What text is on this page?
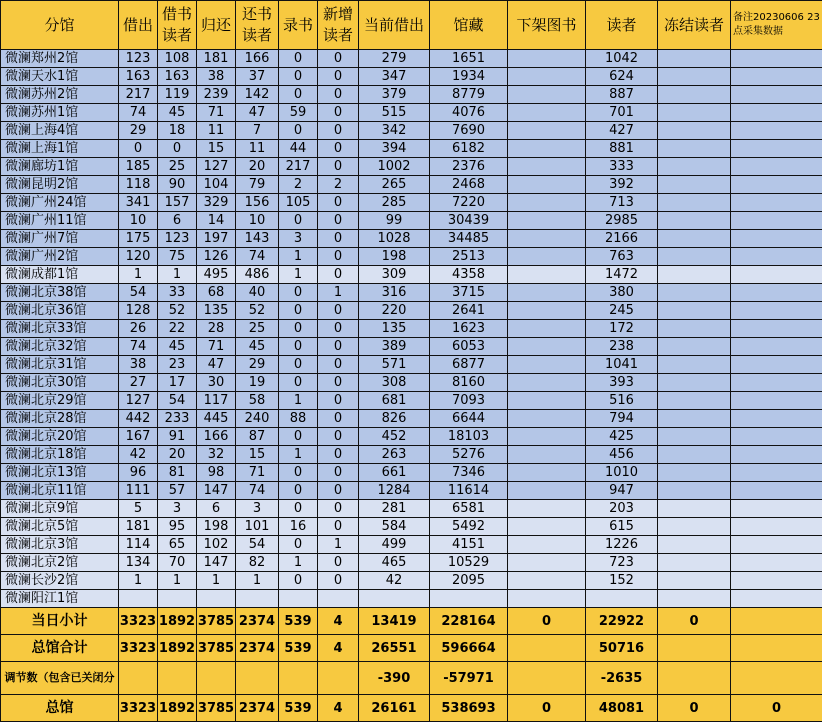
分馆	借出	借书读者	归还	还书读者	录书	新增读者	当前借出	馆藏	下架图书	读者	冻结读者	备注20230606 23点采集数据
微澜郑州2馆	123	108	181	166	0	0	279	1651		1042		
微澜天水1馆	163	163	38	37	0	0	347	1934		624		
微澜苏州2馆	217	119	239	142	0	0	379	8779		887		
微澜苏州1馆	74	45	71	47	59	0	515	4076		701		
微澜上海4馆	29	18	11	7	0	0	342	7690		427		
微澜上海1馆	0	0	15	11	44	0	394	6182		881		
微澜廊坊1馆	185	25	127	20	217	0	1002	2376		333		
微澜昆明2馆	118	90	104	79	2	2	265	2468		392		
微澜广州24馆	341	157	329	156	105	0	285	7220		713		
微澜广州11馆	10	6	14	10	0	0	99	30439		2985		
微澜广州7馆	175	123	197	143	3	0	1028	34485		2166		
微澜广州2馆	120	75	126	74	1	0	198	2513		763		
微澜成都1馆	1	1	495	486	1	0	309	4358		1472		
微澜北京38馆	54	33	68	40	0	1	316	3715		380		
微澜北京36馆	128	52	135	52	0	0	220	2641		245		
微澜北京33馆	26	22	28	25	0	0	135	1623		172		
微澜北京32馆	74	45	71	45	0	0	389	6053		238		
微澜北京31馆	38	23	47	29	0	0	571	6877		1041		
微澜北京30馆	27	17	30	19	0	0	308	8160		393		
微澜北京29馆	127	54	117	58	1	0	681	7093		516		
微澜北京28馆	442	233	445	240	88	0	826	6644		794		
微澜北京20馆	167	91	166	87	0	0	452	18103		425		
微澜北京18馆	42	20	32	15	1	0	263	5276		456		
微澜北京13馆	96	81	98	71	0	0	661	7346		1010		
微澜北京11馆	111	57	147	74	0	0	1284	11614		947		
微澜北京9馆	5	3	6	3	0	0	281	6581		203		
微澜北京5馆	181	95	198	101	16	0	584	5492		615		
微澜北京3馆	114	65	102	54	0	1	499	4151		1226		
微澜北京2馆	134	70	147	82	1	0	465	10529		723		
微澜长沙2馆	1	1	1	1	0	0	42	2095		152		
微澜阳江1馆												
当日小计	3323	1892	3785	2374	539	4	13419	228164	0	22922	0	
总馆合计	3323	1892	3785	2374	539	4	26551	596664		50716		
调节数（包含已关闭分							-390	-57971		-2635		
总馆	3323	1892	3785	2374	539	4	26161	538693	0	48081	0	0
